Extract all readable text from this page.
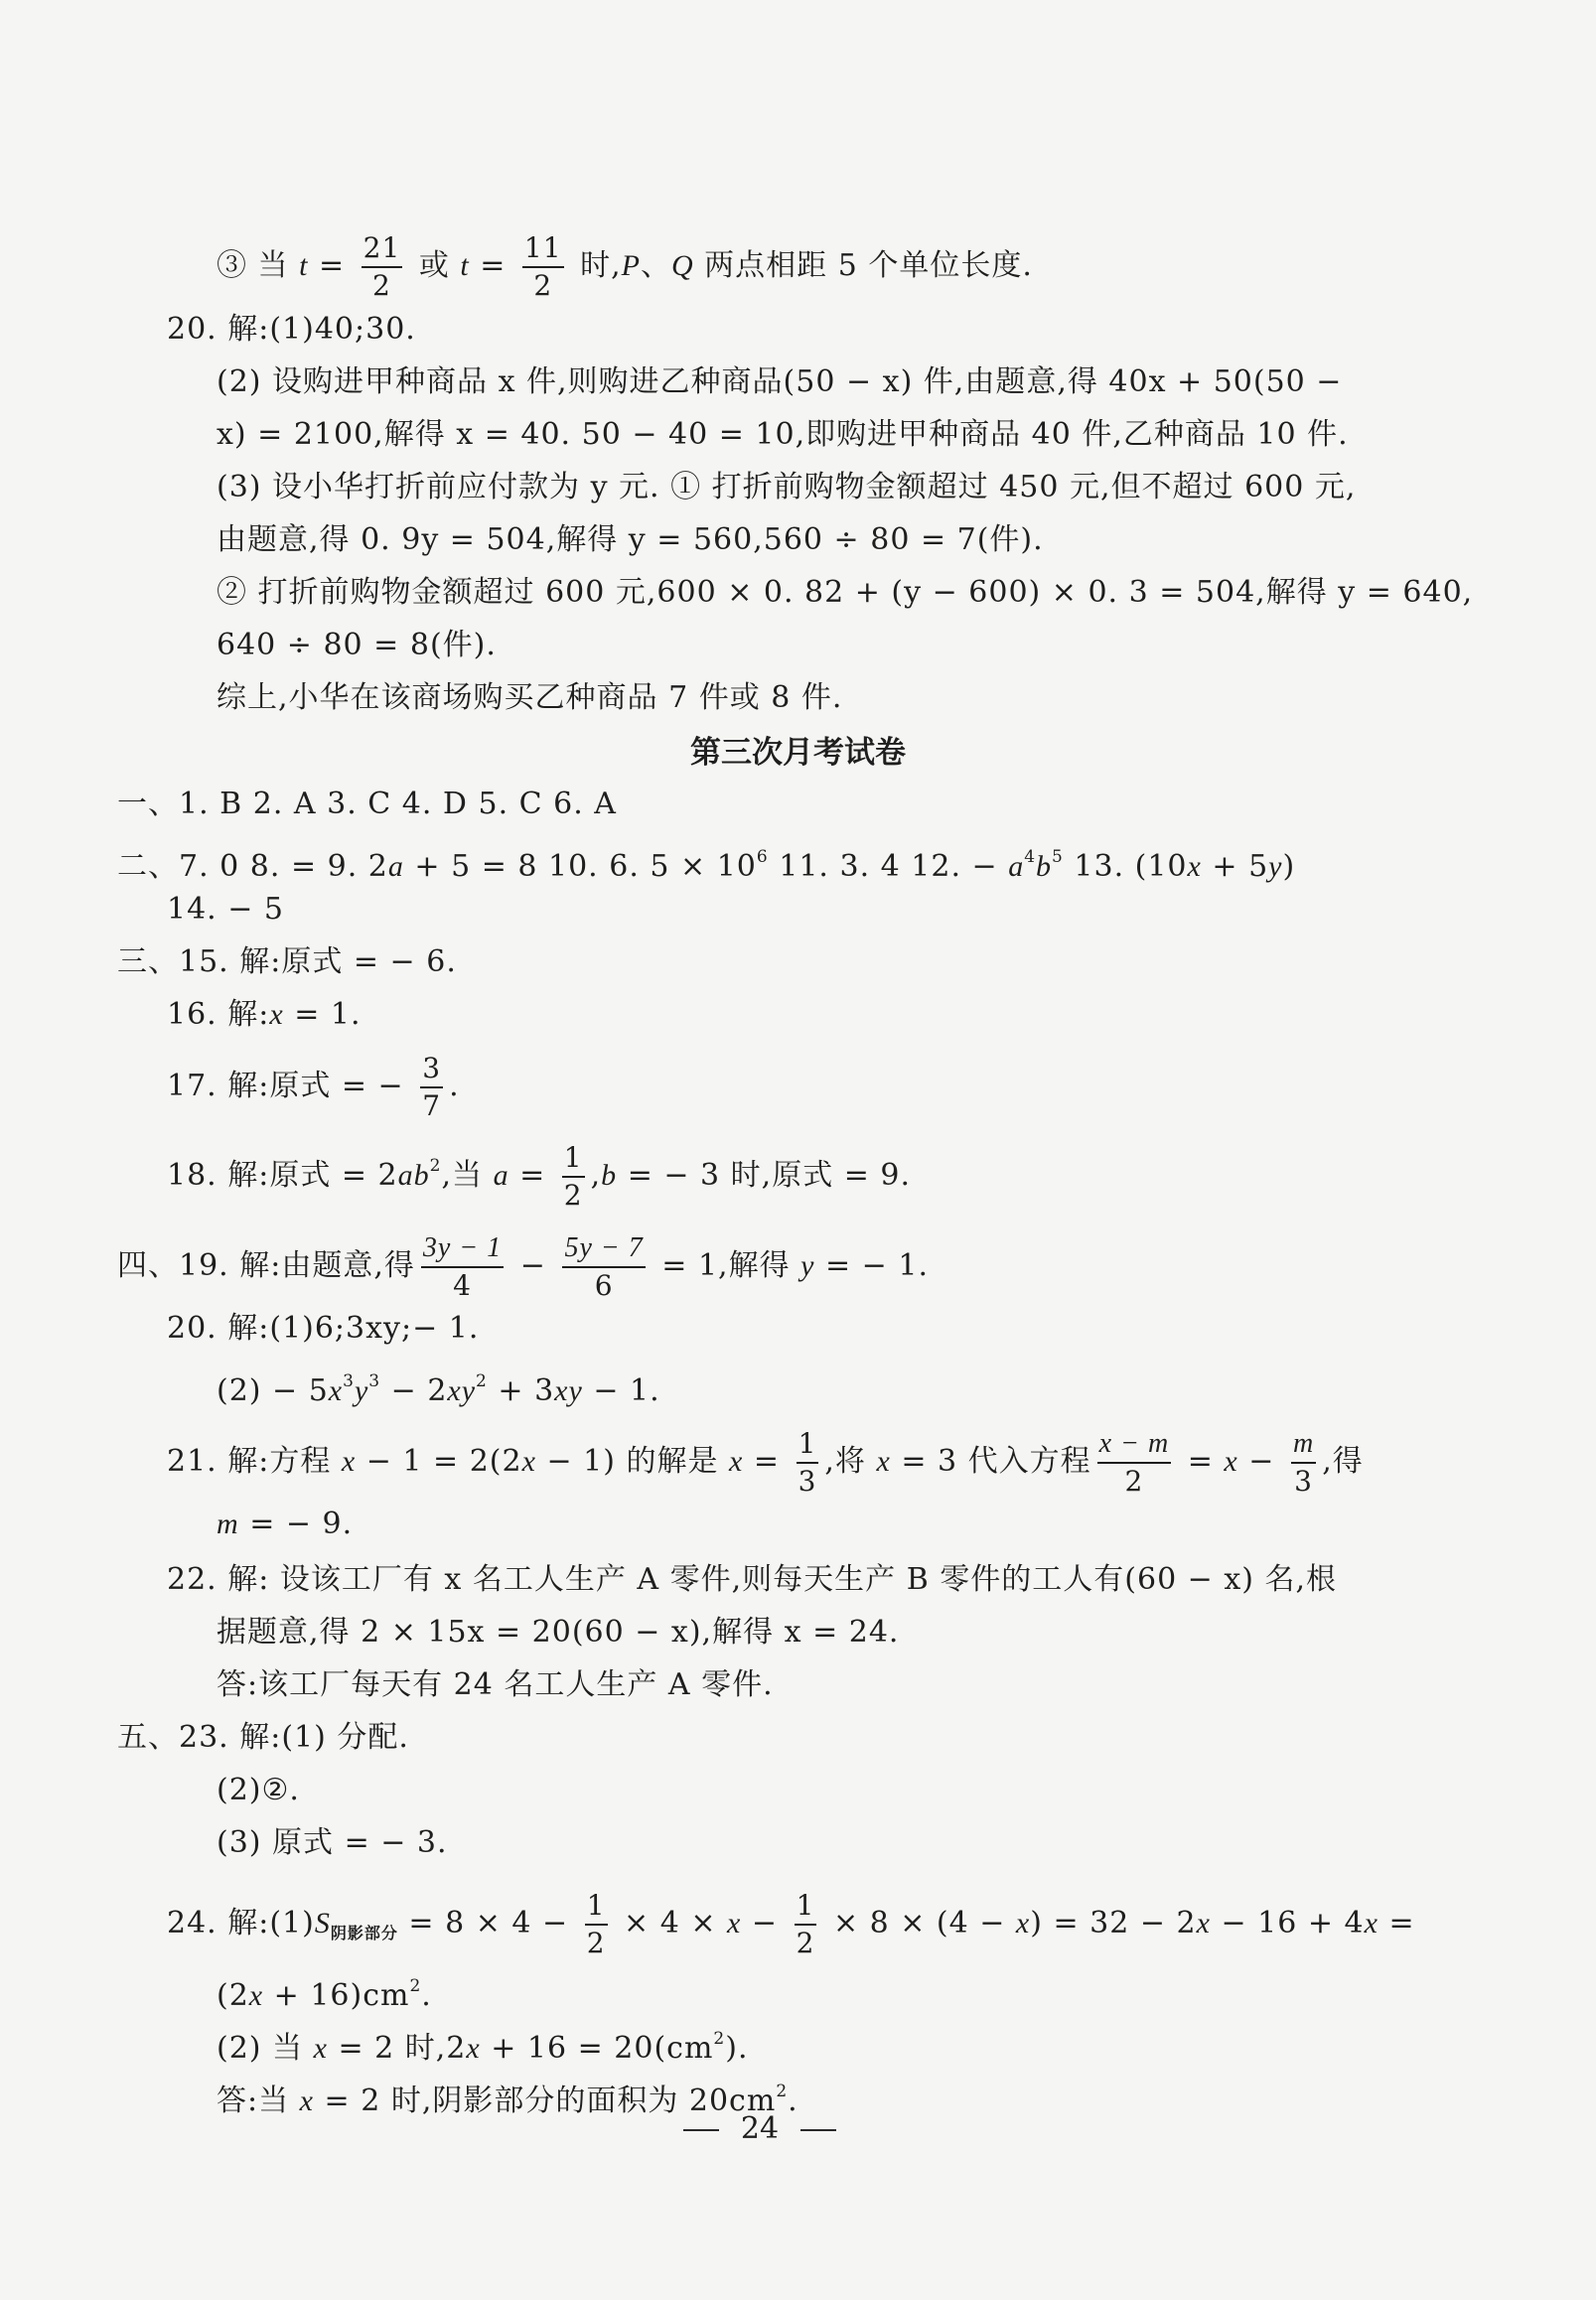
③ 当 $t = \frac{21}{2}$ 或 $t = \frac{11}{2}$ 时,P、Q 两点相距 5 个单位长度.
20. 解:(1)40;30.
(2) 设购进甲种商品 x 件,则购进乙种商品(50 − x) 件,由题意,得 40x + 50(50 −
x) = 2100,解得 x = 40. 50 − 40 = 10,即购进甲种商品 40 件,乙种商品 10 件.
(3) 设小华打折前应付款为 y 元. ① 打折前购物金额超过 450 元,但不超过 600 元,
由题意,得 0. 9y = 504,解得 y = 560,560 ÷ 80 = 7(件).
② 打折前购物金额超过 600 元,600 × 0. 82 + (y − 600) × 0. 3 = 504,解得 y = 640,
640 ÷ 80 = 8(件).
综上,小华在该商场购买乙种商品 7 件或 8 件.
第三次月考试卷
一、1. B 2. A 3. C 4. D 5. C 6. A
二、7. 0 8. = 9. 2a + 5 = 8 10. 6. $5 \times 10^6$ 11. 3. 4 12. − $a^4b^5$ 13. (10x + 5y)
14. − 5
三、15. 解:原式 = − 6.
16. 解:x = 1.
17. 解:原式 = − $\frac{3}{7}$ .
18. 解:原式 = $2ab^2$,当 $a = \frac{1}{2} ,b$ = − 3 时,原式 = 9.
四、19. 解:由题意,得 $\frac{3y - 1}{4} - \frac{5y - 7}{6} = 1$,解得 y = − 1.
20. 解:(1)6;3xy;− 1.
$(2) - 5x^3y^3 - 2xy^2 + 3xy - 1$.
21. 解:方程 x − 1 = 2(2x − 1) 的解是 $x = \frac{1}{3}$ ,将 x = 3 代入方程 $\frac{x - m}{2} = x - \frac{m}{3}$ ,得
m = − 9.
22. 解: 设该工厂有 x 名工人生产 A 零件,则每天生产 B 零件的工人有(60 − x) 名,根
据题意,得 2 × 15x = 20(60 − x),解得 x = 24.
答:该工厂每天有 24 名工人生产 A 零件.
五、23. 解:(1) 分配.
(2)②.
(3) 原式 = − 3.
24. 解$:(1)S_{阴影部分} = 8 \times 4 - \frac{1}{2} \times 4 \times x - \frac{1}{2} \times 8 \times (4 - x) = 32 - 2x - 16 + 4x$ =
$(2x + 16)cm^2$.
(2) 当 x = 2 时$,2x + 16 = 20(cm^2)$.
答:当 x = 2 时,阴影部分的面积为 $20cm^2$.
24
